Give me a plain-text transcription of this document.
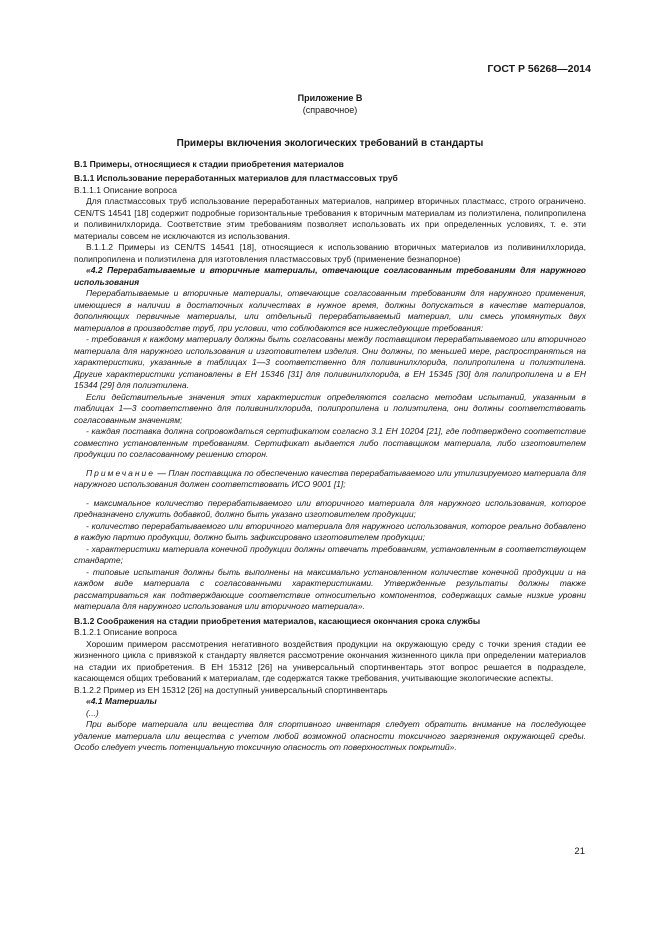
ГОСТ Р 56268—2014

Приложение В

(справочное)

Примеры включения экологических требований в стандарты

В.1 Примеры, относящиеся к стадии приобретения материалов

В.1.1 Использование переработанных материалов для пластмассовых труб

В.1.1.1 Описание вопроса

Для пластмассовых труб использование переработанных материалов, например вторичных пластмасс, строго ограничено. CEN/TS 14541 [18] содержит подробные горизонтальные требования к вторичным материалам из полиэтилена, полипропилена и поливинилхлорида. Соответствие этим требованиям позволяет использовать их при определенных условиях, т. е. эти материалы совсем не исключаются из использования.

В.1.1.2 Примеры из CEN/TS 14541 [18], относящиеся к использованию вторичных материалов из поливинилхлорида, полипропилена и полиэтилена для изготовления пластмассовых труб (применение безнапорное)

«4.2 Перерабатываемые и вторичные материалы, отвечающие согласованным требованиям для наружного использования

Перерабатываемые и вторичные материалы, отвечающие согласованным требованиям для наружного применения, имеющиеся в наличии в достаточных количествах в нужное время, должны допускаться в качестве материалов, дополняющих первичные материалы, или отдельный перерабатываемый материал, или смесь упомянутых двух материалов в производстве труб, при условии, что соблюдаются все нижеследующие требования:

- требования к каждому материалу должны быть согласованы между поставщиком перерабатываемого или вторичного материала для наружного использования и изготовителем изделия. Они должны, по меньшей мере, распространяться на характеристики, указанные в таблицах 1—3 соответственно для поливинилхлорида, полипропилена и полиэтилена. Другие характеристики установлены в ЕН 15346 [31] для поливинилхлорида, в ЕН 15345 [30] для полипропилена и в ЕН 15344 [29] для полиэтилена.

Если действительные значения этих характеристик определяются согласно методам испытаний, указанным в таблицах 1—3 соответственно для поливинилхлорида, полипропилена и полиэтилена, они должны соответствовать согласованным значениям;

- каждая поставка должна сопровождаться сертификатом согласно 3.1 ЕН 10204 [21], где подтверждено соответствие совместно установленным требованиям. Сертификат выдается либо поставщиком материала, либо изготовителем продукции по согласованному решению сторон.

Примечание — План поставщика по обеспечению качества перерабатываемого или утилизируемого материала для наружного использования должен соответствовать ИСО 9001 [1];

- максимальное количество перерабатываемого или вторичного материала для наружного использования, которое предназначено служить добавкой, должно быть указано изготовителем продукции;

- количество перерабатываемого или вторичного материала для наружного использования, которое реально добавлено в каждую партию продукции, должно быть зафиксировано изготовителем продукции;

- характеристики материала конечной продукции должны отвечать требованиям, установленным в соответствующем стандарте;

- типовые испытания должны быть выполнены на максимально установленном количестве конечной продукции и на каждом виде материала с согласованными характеристиками. Утвержденные результаты должны также рассматриваться как подтверждающие соответствие относительно компонентов, содержащих самые низкие уровни материала для наружного использования или вторичного материала».

В.1.2 Соображения на стадии приобретения материалов, касающиеся окончания срока службы

В.1.2.1 Описание вопроса

Хорошим примером рассмотрения негативного воздействия продукции на окружающую среду с точки зрения стадии ее жизненного цикла с привязкой к стандарту является рассмотрение окончания жизненного цикла при определении материалов на стадии их приобретения. В ЕН 15312 [26] на универсальный спортинвентарь этот вопрос решается в подразделе, касающемся общих требований к материалам, где содержатся также требования, учитывающие экологические аспекты.

В.1.2.2 Пример из ЕН 15312 [26] на доступный универсальный спортинвентарь

«4.1 Материалы

(...)

При выборе материала или вещества для спортивного инвентаря следует обратить внимание на последующее удаление материала или вещества с учетом любой возможной опасности токсичного загрязнения окружающей среды. Особо следует учесть потенциальную токсичную опасность от поверхностных покрытий».

21
